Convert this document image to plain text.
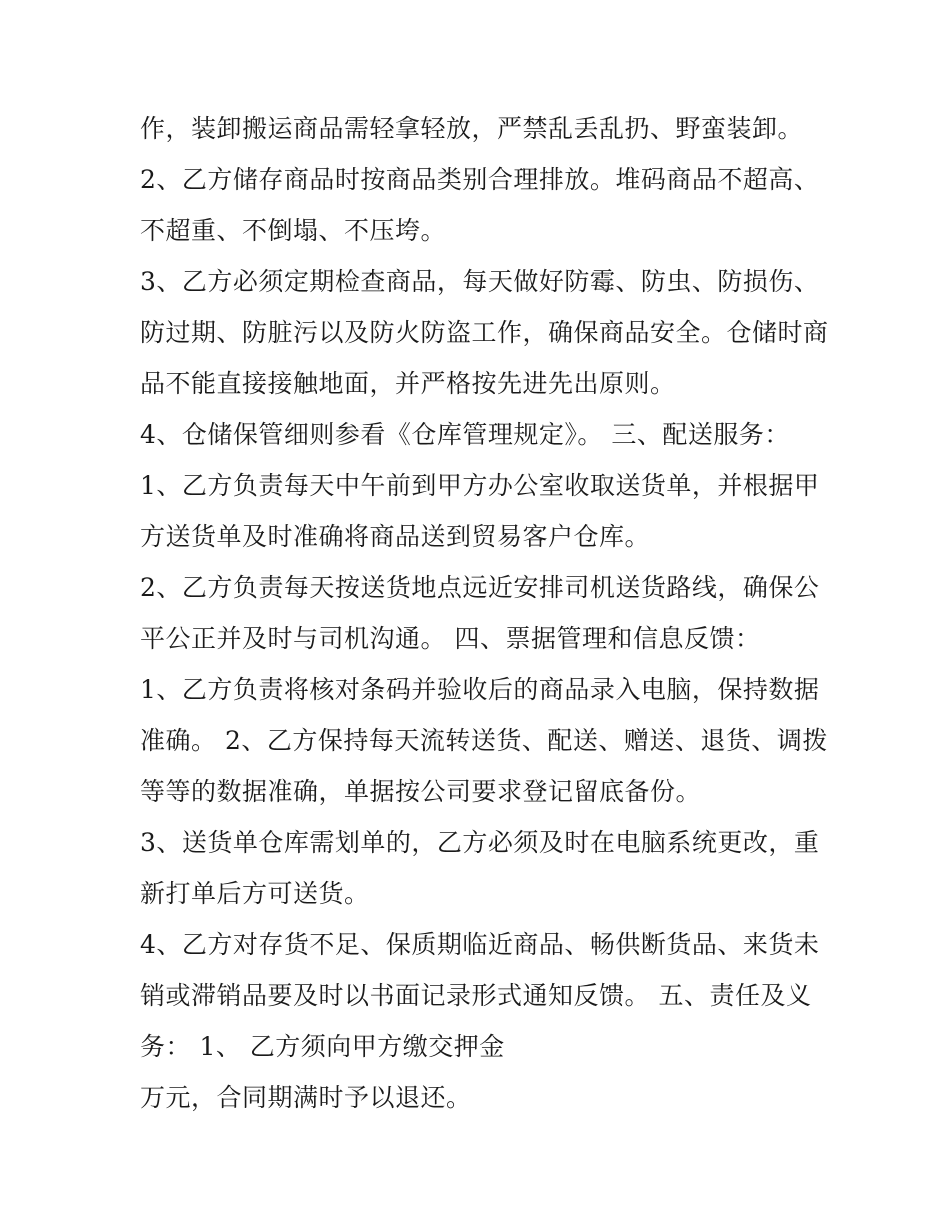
作，装卸搬运商品需轻拿轻放，严禁乱丢乱扔、野蛮装卸。
2、乙方储存商品时按商品类别合理排放。堆码商品不超高、
不超重、不倒塌、不压垮。
3、乙方必须定期检查商品，每天做好防霉、防虫、防损伤、
防过期、防脏污以及防火防盗工作，确保商品安全。仓储时商
品不能直接接触地面，并严格按先进先出原则。
4、仓储保管细则参看《仓库管理规定》。 三、配送服务：
1、乙方负责每天中午前到甲方办公室收取送货单，并根据甲
方送货单及时准确将商品送到贸易客户仓库。
2、乙方负责每天按送货地点远近安排司机送货路线，确保公
平公正并及时与司机沟通。 四、票据管理和信息反馈：
1、乙方负责将核对条码并验收后的商品录入电脑，保持数据
准确。 2、乙方保持每天流转送货、配送、赠送、退货、调拨
等等的数据准确，单据按公司要求登记留底备份。
3、送货单仓库需划单的，乙方必须及时在电脑系统更改，重
新打单后方可送货。
4、乙方对存货不足、保质期临近商品、畅供断货品、来货未
销或滞销品要及时以书面记录形式通知反馈。 五、责任及义
务： 1、 乙方须向甲方缴交押金
万元，合同期满时予以退还。
